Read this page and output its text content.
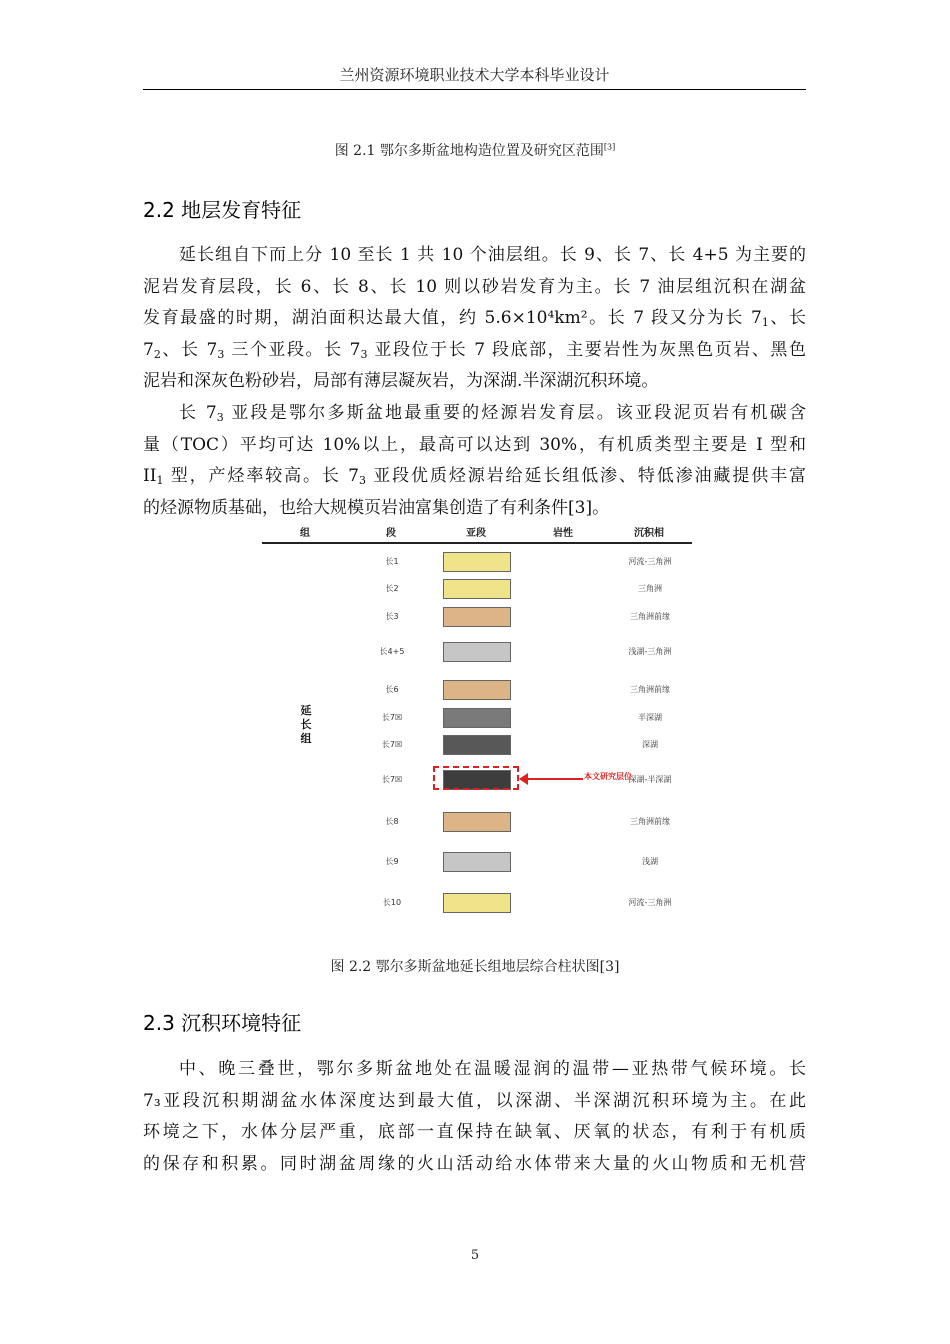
兰州资源环境职业技术大学本科毕业设计
图 2.1 鄂尔多斯盆地构造位置及研究区范围[3]
2.2 地层发育特征
延长组自下而上分 10 至长 1 共 10 个油层组。长 9、长 7、长 4+5 为主要的
泥岩发育层段，长 6、长 8、长 10 则以砂岩发育为主。长 7 油层组沉积在湖盆
发育最盛的时期，湖泊面积达最大值，约 5.6×10⁴km²。长 7 段又分为长 $7_1$、长
$7_2$、长 $7_3$ 三个亚段。长 $7_3$ 亚段位于长 7 段底部，主要岩性为灰黑色页岩、黑色
泥岩和深灰色粉砂岩，局部有薄层凝灰岩，为深湖.半深湖沉积环境。
长 $7_3$ 亚段是鄂尔多斯盆地最重要的烃源岩发育层。该亚段泥页岩有机碳含
量（TOC）平均可达 10%以上，最高可以达到 30%，有机质类型主要是 I 型和
$II_1$ 型，产烃率较高。长 $7_3$ 亚段优质烃源岩给延长组低渗、特低渗油藏提供丰富
的烃源物质基础，也给大规模页岩油富集创造了有利条件[3]。
组	段	亚段	岩性	沉积相
延长组
长1	河流-三角洲
长2	三角洲
长3	三角洲前缘
长4+5	浅湖-三角洲
长6	三角洲前缘
长7☒	半深湖
长7☒	深湖
长7☒	深湖-半深湖
长8	三角洲前缘
长9	浅湖
长10	河流-三角洲
本文研究层位
图 2.2 鄂尔多斯盆地延长组地层综合柱状图[3]
2.3 沉积环境特征
中、晚三叠世，鄂尔多斯盆地处在温暖湿润的温带—亚热带气候环境。长
7₃亚段沉积期湖盆水体深度达到最大值，以深湖、半深湖沉积环境为主。在此
环境之下，水体分层严重，底部一直保持在缺氧、厌氧的状态，有利于有机质
的保存和积累。同时湖盆周缘的火山活动给水体带来大量的火山物质和无机营
5
